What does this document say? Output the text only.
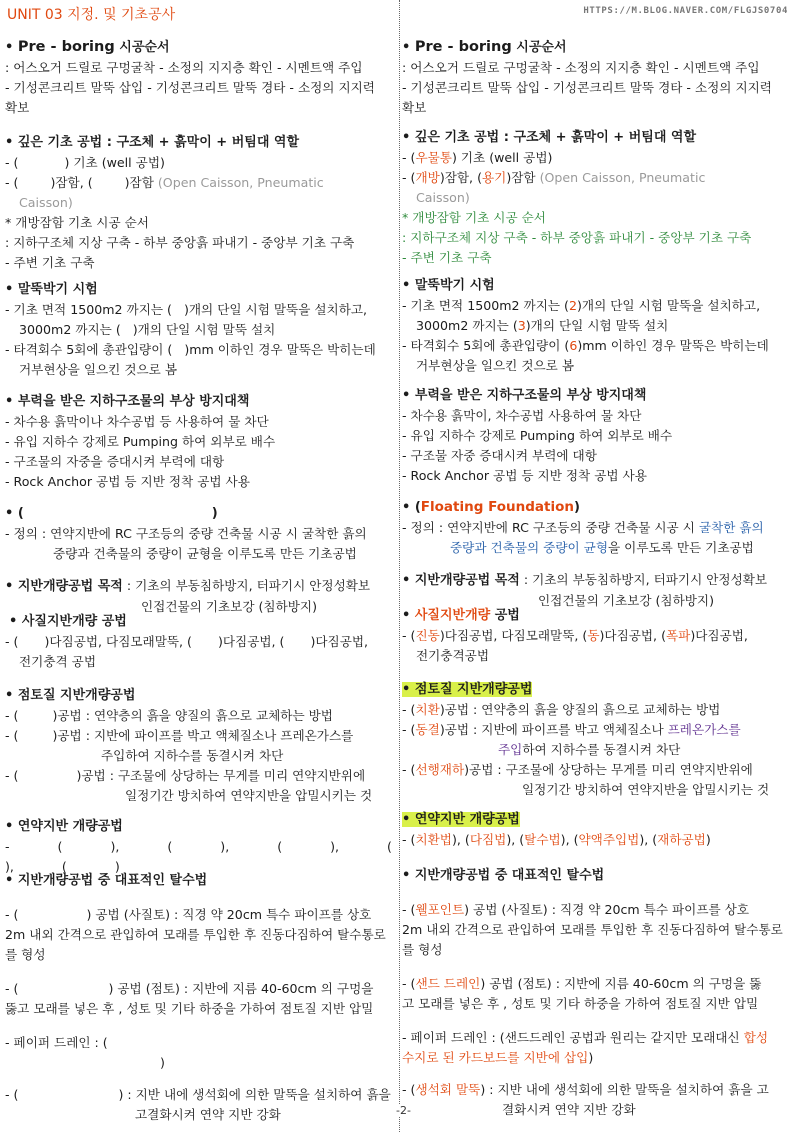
UNIT 03 지정. 및 기초공사	HTTPS://M.BLOG.NAVER.COM/FLGJS0704

• Pre - boring 시공순서

: 어스오거 드릴로 구멍굴착 - 소정의 지지층 확인 - 시멘트액 주입

- 기성콘크리트 말뚝 삽입 - 기성콘크리트 말뚝 경타 - 소정의 지지력

확보

• 깊은 기초 공법 : 구조체 + 흙막이 + 버팀대 역할

- (	) 기초 (well 공법)

- (	)잠함, (	)잠함 (Open Caisson, Pneumatic

Caisson)

* 개방잠함 기초 시공 순서

: 지하구조체 지상 구축 - 하부 중앙흙 파내기 - 중앙부 기초 구축

- 주변 기초 구축

• 말뚝박기 시험

- 기초 면적 1500m2 까지는 ( )개의 단일 시험 말뚝을 설치하고,

3000m2 까지는 ( )개의 단일 시험 말뚝 설치

- 타격회수 5회에 총관입량이 ( )mm 이하인 경우 말뚝은 박히는데

거부현상을 일으킨 것으로 봄

• 부력을 받은 지하구조물의 부상 방지대책

- 차수용 흙막이나 차수공법 등 사용하여 물 차단

- 유입 지하수 강제로 Pumping 하여 외부로 배수

- 구조물의 자중을 증대시켜 부력에 대항

- Rock Anchor 공법 등 지반 정착 공법 사용

• (	)

- 정의 : 연약지반에 RC 구조등의 중량 건축물 시공 시 굴착한 흙의

중량과 건축물의 중량이 균형을 이루도록 만든 기초공법

• 지반개량공법 목적 : 기초의 부동침하방지, 터파기시 안정성확보

인접건물의 기초보강 (침하방지)

• 사질지반개량 공법

- ( )다짐공법, 다짐모래말뚝, ( )다짐공법, ( )다짐공법,

전기충격 공법

• 점토질 지반개량공법

- (	)공법 : 연약층의 흙을 양질의 흙으로 교체하는 방법

- (	)공법 : 지반에 파이프를 박고 액체질소나 프레온가스를

주입하여 지하수를 동결시켜 차단

- (	)공법 : 구조물에 상당하는 무게를 미리 연약지반위에

일정기간 방치하여 연약지반을 압밀시키는 것

• 연약지반 개량공법

- ( ), ( ), ( ), ( ), ( )

• 지반개량공법 중 대표적인 탈수법

- (	) 공법 (사질토) : 직경 약 20cm 특수 파이프를 상호

2m 내외 간격으로 관입하여 모래를 투입한 후 진동다짐하여 탈수통로

를 형성

- (	) 공법 (점토) : 지반에 지름 40-60cm 의 구멍을

뚫고 모래를 넣은 후 , 성토 및 기타 하중을 가하여 점토질 지반 압밀

- 페이퍼 드레인 : (

)

- (	) : 지반 내에 생석회에 의한 말뚝을 설치하여 흙을

고결화시켜 연약 지반 강화

• Pre - boring 시공순서

: 어스오거 드릴로 구멍굴착 - 소정의 지지층 확인 - 시멘트액 주입

- 기성콘크리트 말뚝 삽입 - 기성콘크리트 말뚝 경타 - 소정의 지지력

확보

• 깊은 기초 공법 : 구조체 + 흙막이 + 버팀대 역할

- (우물통) 기초 (well 공법)

- (개방)잠함, (용기)잠함 (Open Caisson, Pneumatic

Caisson)

* 개방잠함 기초 시공 순서

: 지하구조체 지상 구축 - 하부 중앙흙 파내기 - 중앙부 기초 구축

- 주변 기초 구축

• 말뚝박기 시험

- 기초 면적 1500m2 까지는 (2)개의 단일 시험 말뚝을 설치하고,

3000m2 까지는 (3)개의 단일 시험 말뚝 설치

- 타격회수 5회에 총관입량이 (6)mm 이하인 경우 말뚝은 박히는데

거부현상을 일으킨 것으로 봄

• 부력을 받은 지하구조물의 부상 방지대책

- 차수용 흙막이, 차수공법 사용하여 물 차단

- 유입 지하수 강제로 Pumping 하여 외부로 배수

- 구조물 자중 증대시켜 부력에 대항

- Rock Anchor 공법 등 지반 정착 공법 사용

• (Floating Foundation)

- 정의 : 연약지반에 RC 구조등의 중량 건축물 시공 시 굴착한 흙의

중량과 건축물의 중량이 균형을 이루도록 만든 기초공법

• 지반개량공법 목적 : 기초의 부동침하방지, 터파기시 안정성확보

인접건물의 기초보강 (침하방지)

• 사질지반개량 공법

- (진동)다짐공법, 다짐모래말뚝, (동)다짐공법, (폭파)다짐공법,

전기충격공법

• 점토질 지반개량공법

- (치환)공법 : 연약층의 흙을 양질의 흙으로 교체하는 방법

- (동결)공법 : 지반에 파이프를 박고 액체질소나 프레온가스를

주입하여 지하수를 동결시켜 차단

- (선행재하)공법 : 구조물에 상당하는 무게를 미리 연약지반위에

일정기간 방치하여 연약지반을 압밀시키는 것

• 연약지반 개량공법

- (치환법), (다짐법), (탈수법), (약액주입법), (재하공법)

• 지반개량공법 중 대표적인 탈수법

- (웰포인트) 공법 (사질토) : 직경 약 20cm 특수 파이프를 상호

2m 내외 간격으로 관입하여 모래를 투입한 후 진동다짐하여 탈수통로

를 형성

- (샌드 드레인) 공법 (점토) : 지반에 지름 40-60cm 의 구멍을 뚫

고 모래를 넣은 후 , 성토 및 기타 하중을 가하여 점토질 지반 압밀

- 페이퍼 드레인 : (샌드드레인 공법과 원리는 같지만 모래대신 합성

수지로 된 카드보드를 지반에 삽입)

- (생석회 말뚝) : 지반 내에 생석회에 의한 말뚝을 설치하여 흙을 고

결화시켜 연약 지반 강화

-2-
